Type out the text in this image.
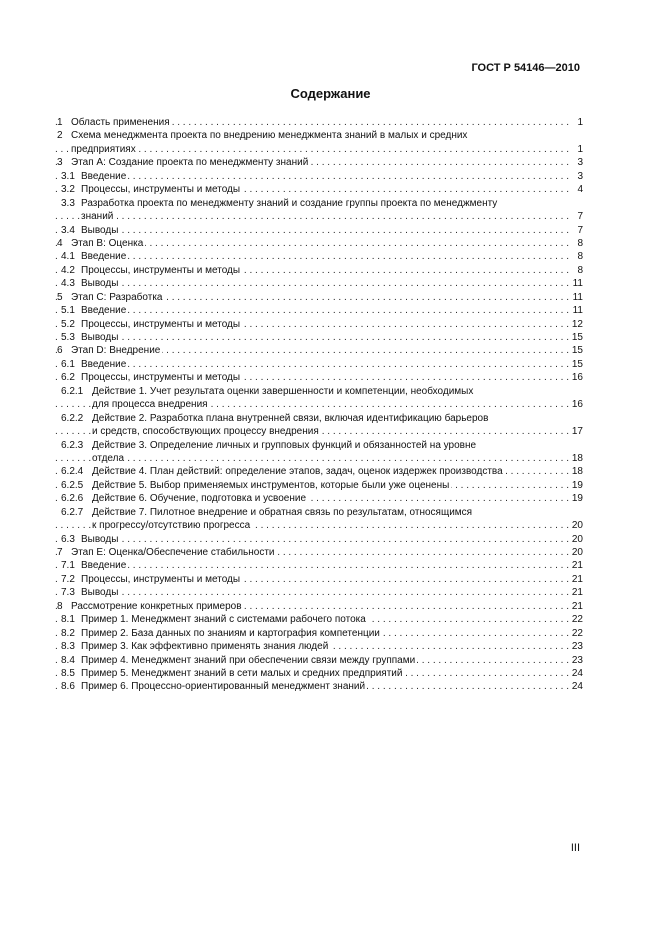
ГОСТ Р 54146—2010
Содержание
. . .
1 Область применения	1
2 Схема менеджмента проекта по внедрению менеджмента знаний в малых и средних
. . .
предприятиях	1
. . .
3 Этап А: Создание проекта по менеджменту знаний	3
. . .
3.1 Введение	3
. . .
3.2 Процессы, инструменты и методы	4
3.3 Разработка проекта по менеджменту знаний и создание группы проекта по менеджменту
. . .
знаний	7
. . .
3.4 Выводы	7
. . .
4 Этап В: Оценка	8
. . .
4.1 Введение	8
. . .
4.2 Процессы, инструменты и методы	8
. . .
4.3 Выводы	11
. . .
5 Этап С: Разработка	11
. . .
5.1 Введение	11
. . .
5.2 Процессы, инструменты и методы	12
. . .
5.3 Выводы	15
. . .
6 Этап D: Внедрение	15
. . .
6.1 Введение	15
. . .
6.2 Процессы, инструменты и методы	16
6.2.1 Действие 1. Учет результата оценки завершенности и компетенции, необходимых
. . .
для процесса внедрения	16
6.2.2 Действие 2. Разработка плана внутренней связи, включая идентификацию барьеров
. . .
и средств, способствующих процессу внедрения	17
6.2.3 Действие 3. Определение личных и групповых функций и обязанностей на уровне
. . .
отдела	18
. . .
6.2.4 Действие 4. План действий: определение этапов, задач, оценок издержек производства	18
. . .
6.2.5 Действие 5. Выбор применяемых инструментов, которые были уже оценены	19
. . .
6.2.6 Действие 6. Обучение, подготовка и усвоение	19
6.2.7 Действие 7. Пилотное внедрение и обратная связь по результатам, относящимся
. . .
к прогрессу/отсутствию прогресса	20
. . .
6.3 Выводы	20
. . .
7 Этап Е: Оценка/Обеспечение стабильности	20
. . .
7.1 Введение	21
. . .
7.2 Процессы, инструменты и методы	21
. . .
7.3 Выводы	21
. . .
8 Рассмотрение конкретных примеров	21
. . .
8.1 Пример 1. Менеджмент знаний с системами рабочего потока	22
. . .
8.2 Пример 2. База данных по знаниям и картография компетенции	22
. . .
8.3 Пример 3. Как эффективно применять знания людей	23
. . .
8.4 Пример 4. Менеджмент знаний при обеспечении связи между группами	23
. . .
8.5 Пример 5. Менеджмент знаний в сети малых и средних предприятий	24
. . .
8.6 Пример 6. Процессно-ориентированный менеджмент знаний	24
III
